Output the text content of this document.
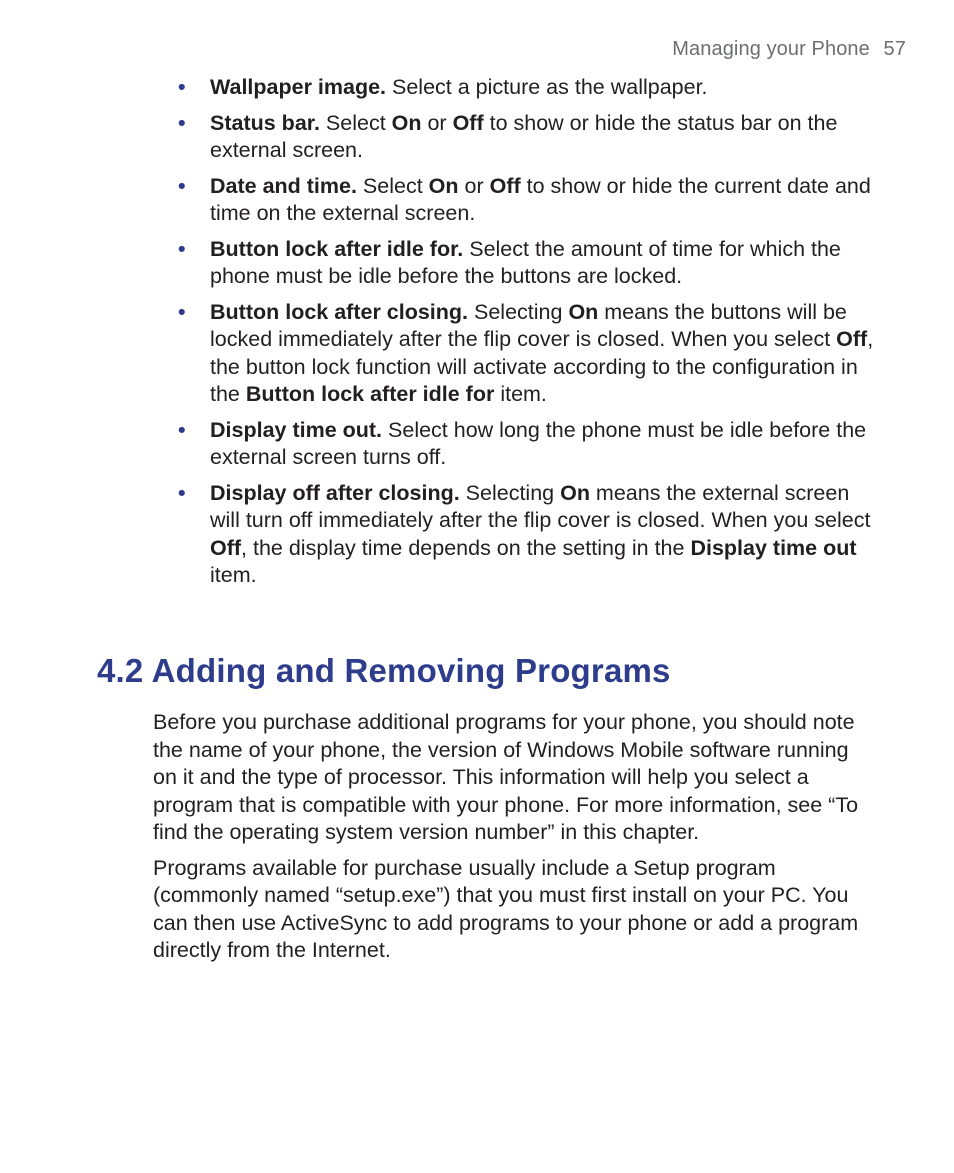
Managing your Phone 57
• Wallpaper image. Select a picture as the wallpaper.
• Status bar. Select On or Off to show or hide the status bar on the external screen.
• Date and time. Select On or Off to show or hide the current date and time on the external screen.
• Button lock after idle for. Select the amount of time for which the phone must be idle before the buttons are locked.
• Button lock after closing. Selecting On means the buttons will be locked immediately after the flip cover is closed. When you select Off, the button lock function will activate according to the configuration in the Button lock after idle for item.
• Display time out. Select how long the phone must be idle before the external screen turns off.
• Display off after closing. Selecting On means the external screen will turn off immediately after the flip cover is closed. When you select Off, the display time depends on the setting in the Display time out item.
4.2 Adding and Removing Programs

Before you purchase additional programs for your phone, you should note the name of your phone, the version of Windows Mobile software running on it and the type of processor. This information will help you select a program that is compatible with your phone. For more information, see “To find the operating system version number” in this chapter.

Programs available for purchase usually include a Setup program (commonly named “setup.exe”) that you must first install on your PC. You can then use ActiveSync to add programs to your phone or add a program directly from the Internet.
